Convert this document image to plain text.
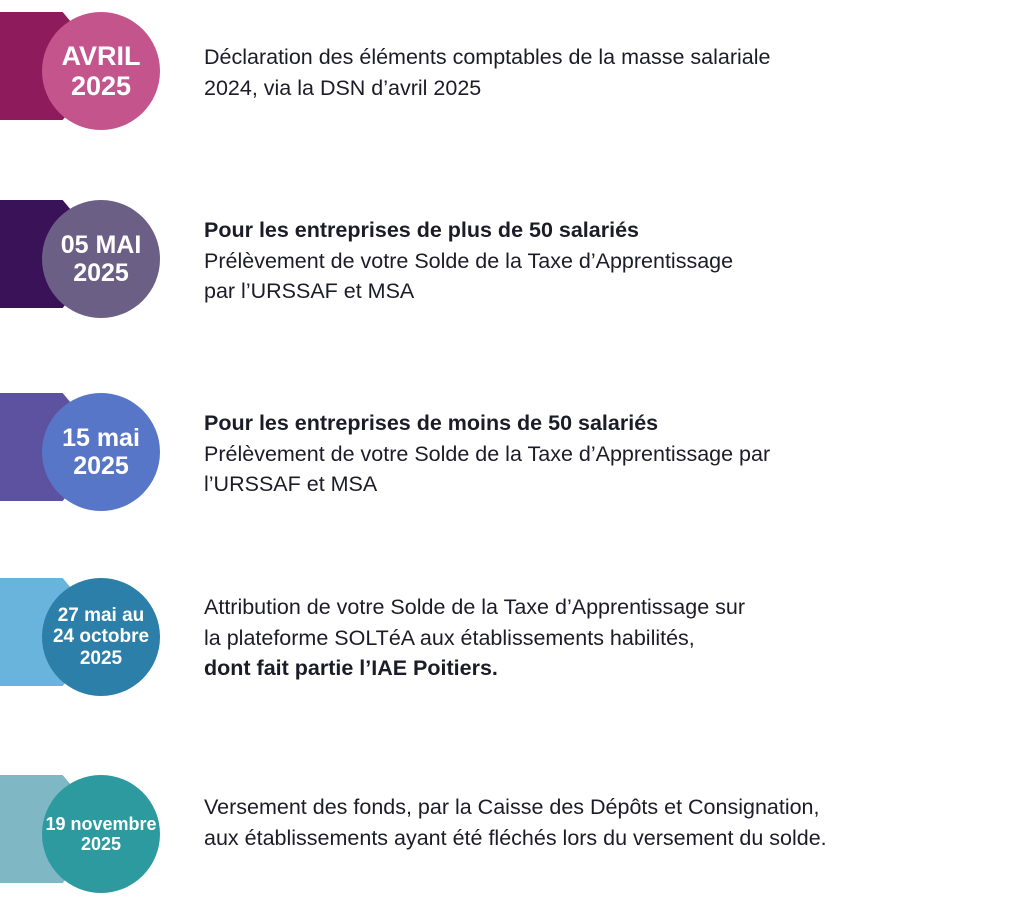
AVRIL
2025
Déclaration des éléments comptables de la masse salariale
2024, via la DSN d’avril 2025
05 MAI
2025
Pour les entreprises de plus de 50 salariés
Prélèvement de votre Solde de la Taxe d’Apprentissage
par l’URSSAF et MSA
15 mai
2025
Pour les entreprises de moins de 50 salariés
Prélèvement de votre Solde de la Taxe d’Apprentissage par
l’URSSAF et MSA
27 mai au
24 octobre
2025
Attribution de votre Solde de la Taxe d’Apprentissage sur
la plateforme SOLTéA aux établissements habilités,
dont fait partie l’IAE Poitiers.
19 novembre
2025
Versement des fonds, par la Caisse des Dépôts et Consignation,
aux établissements ayant été fléchés lors du versement du solde.
